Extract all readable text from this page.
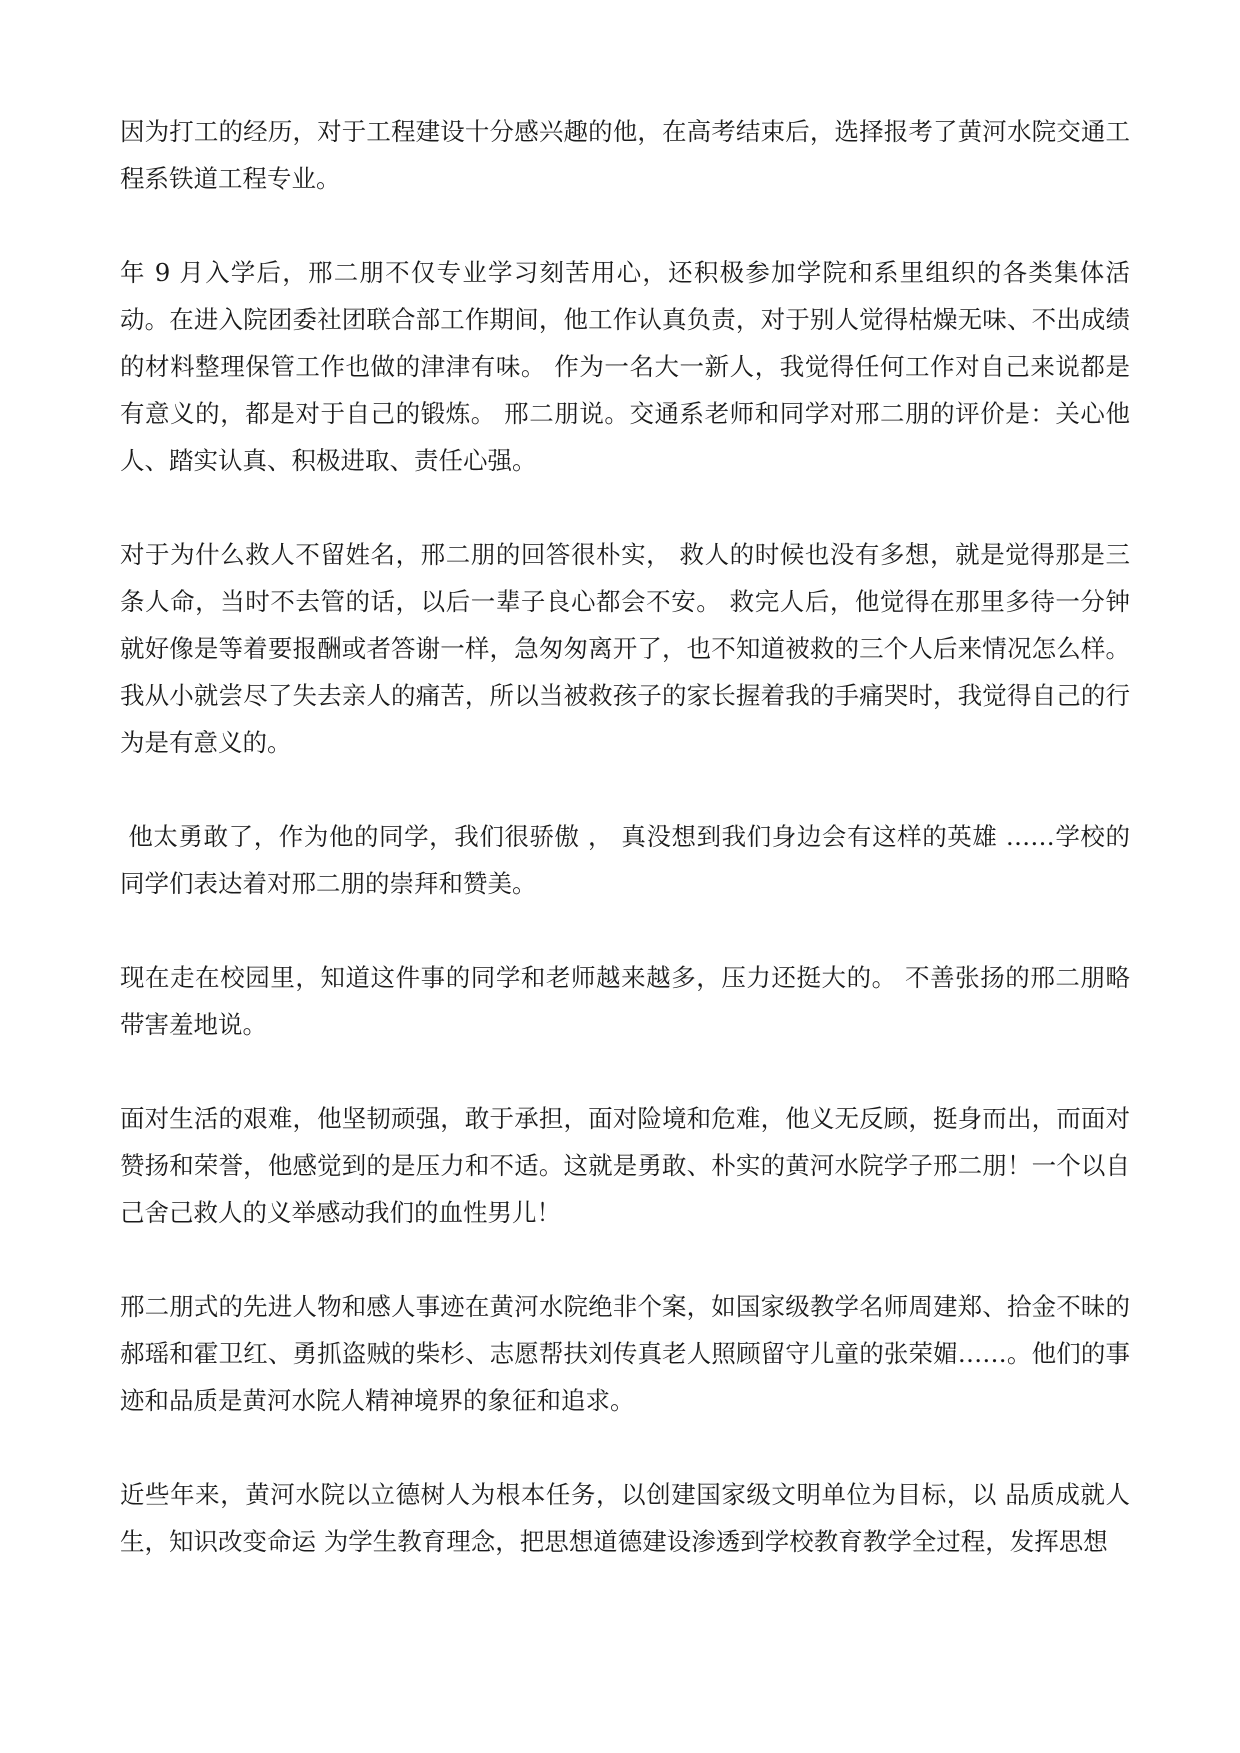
因为打工的经历，对于工程建设十分感兴趣的他，在高考结束后，选择报考了黄河水院交通工程系铁道工程专业。

年 9 月入学后，邢二朋不仅专业学习刻苦用心，还积极参加学院和系里组织的各类集体活动。在进入院团委社团联合部工作期间，他工作认真负责，对于别人觉得枯燥无味、不出成绩的材料整理保管工作也做的津津有味。 作为一名大一新人，我觉得任何工作对自己来说都是有意义的，都是对于自己的锻炼。 邢二朋说。交通系老师和同学对邢二朋的评价是：关心他人、踏实认真、积极进取、责任心强。

对于为什么救人不留姓名，邢二朋的回答很朴实， 救人的时候也没有多想，就是觉得那是三条人命，当时不去管的话，以后一辈子良心都会不安。 救完人后，他觉得在那里多待一分钟就好像是等着要报酬或者答谢一样，急匆匆离开了，也不知道被救的三个人后来情况怎么样。我从小就尝尽了失去亲人的痛苦，所以当被救孩子的家长握着我的手痛哭时，我觉得自己的行为是有意义的。

他太勇敢了，作为他的同学，我们很骄傲 ， 真没想到我们身边会有这样的英雄 ……学校的同学们表达着对邢二朋的崇拜和赞美。

现在走在校园里，知道这件事的同学和老师越来越多，压力还挺大的。 不善张扬的邢二朋略带害羞地说。

面对生活的艰难，他坚韧顽强，敢于承担，面对险境和危难，他义无反顾，挺身而出，而面对赞扬和荣誉，他感觉到的是压力和不适。这就是勇敢、朴实的黄河水院学子邢二朋！一个以自己舍己救人的义举感动我们的血性男儿！

邢二朋式的先进人物和感人事迹在黄河水院绝非个案，如国家级教学名师周建郑、拾金不昧的郝瑶和霍卫红、勇抓盗贼的柴杉、志愿帮扶刘传真老人照顾留守儿童的张荣媚……。他们的事迹和品质是黄河水院人精神境界的象征和追求。

近些年来，黄河水院以立德树人为根本任务，以创建国家级文明单位为目标，以 品质成就人生，知识改变命运 为学生教育理念，把思想道德建设渗透到学校教育教学全过程，发挥思想
